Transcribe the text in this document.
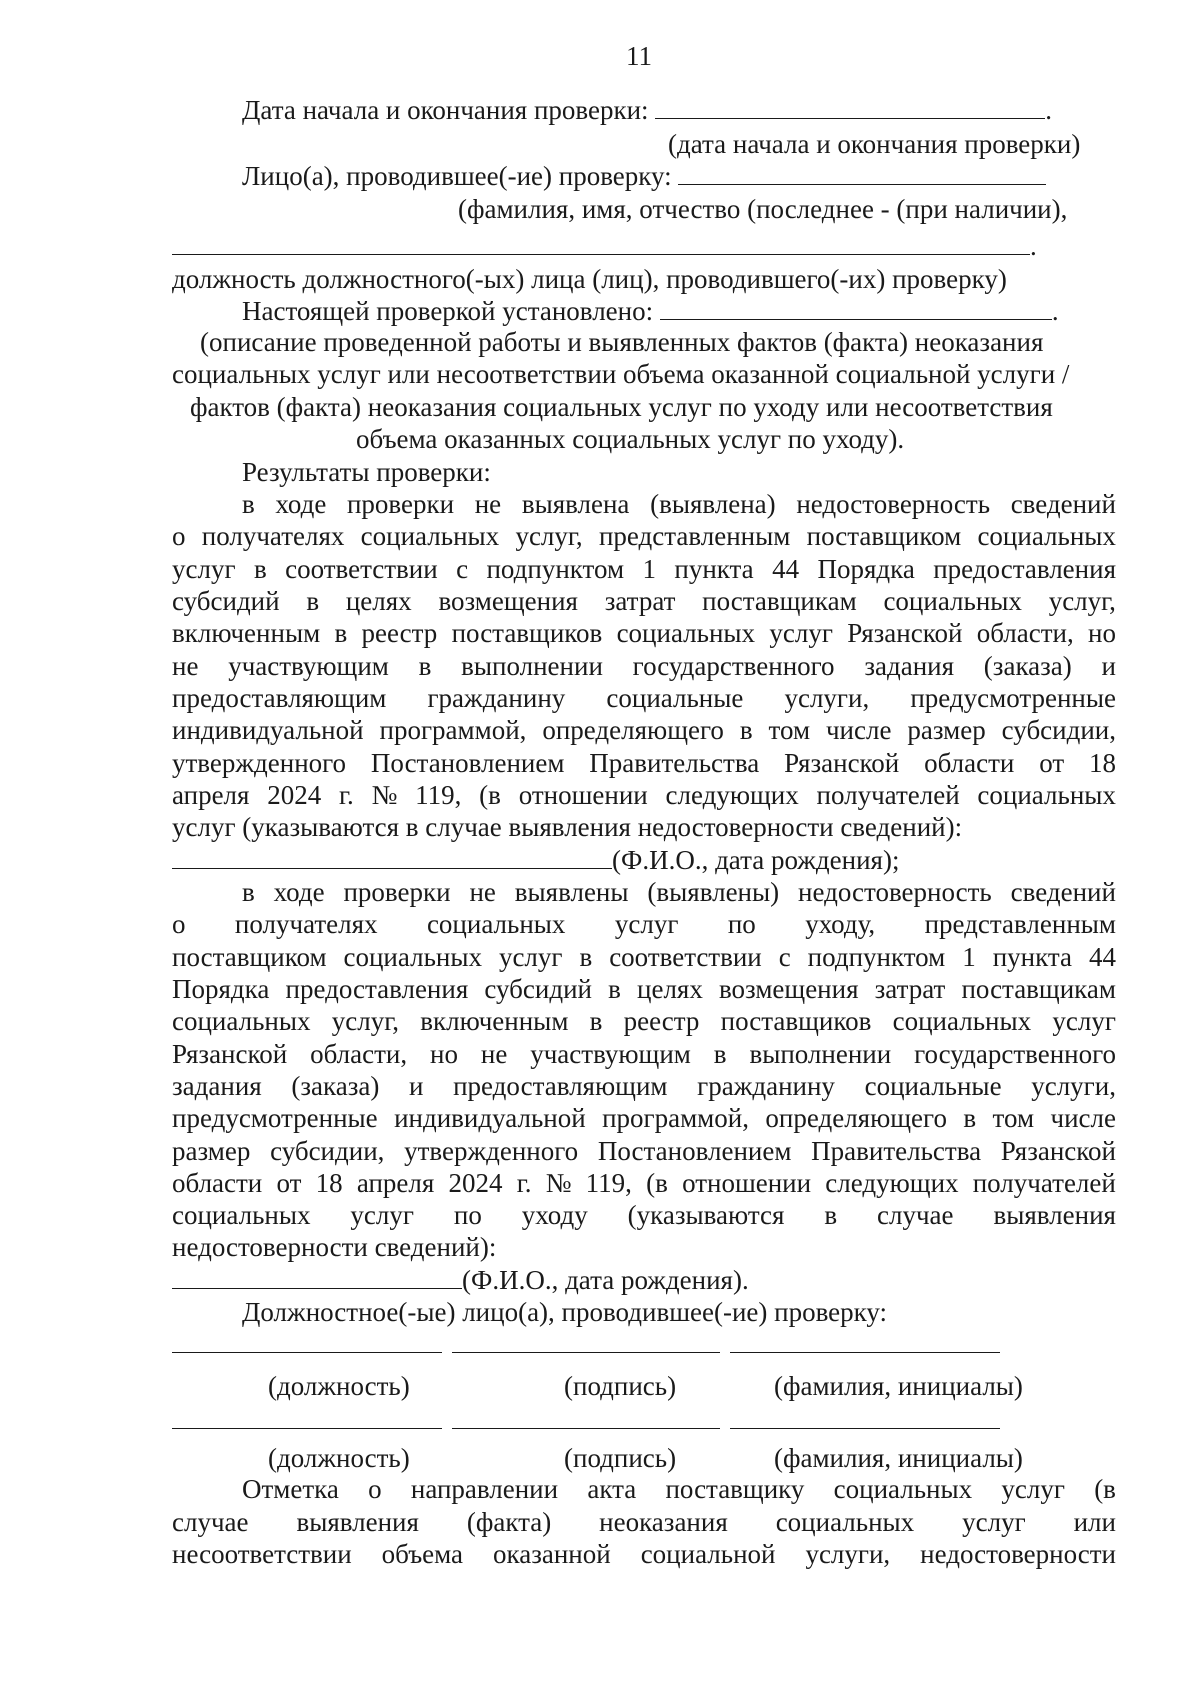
11
Дата начала и окончания проверки:	.
(дата начала и окончания проверки)
Лицо(а), проводившее(-ие) проверку:
(фамилия, имя, отчество (последнее - (при наличии),
.
должность должностного(-ых) лица (лиц), проводившего(-их) проверку)
Настоящей проверкой установлено:	.
(описание проведенной работы и выявленных фактов (факта) неоказания
социальных услуг или несоответствии объема оказанной социальной услуги /
фактов (факта) неоказания социальных услуг по уходу или несоответствия
объема оказанных социальных услуг по уходу).
Результаты проверки:
в ходе проверки не выявлена (выявлена) недостоверность сведений
о получателях социальных услуг, представленным поставщиком социальных
услуг в соответствии с подпунктом 1 пункта 44 Порядка предоставления
субсидий в целях возмещения затрат поставщикам социальных услуг,
включенным в реестр поставщиков социальных услуг Рязанской области, но
не участвующим в выполнении государственного задания (заказа) и
предоставляющим гражданину социальные услуги, предусмотренные
индивидуальной программой, определяющего в том числе размер субсидии,
утвержденного Постановлением Правительства Рязанской области от 18
апреля 2024 г. № 119, (в отношении следующих получателей социальных
услуг (указываются в случае выявления недостоверности сведений):
(Ф.И.О., дата рождения);
в ходе проверки не выявлены (выявлены) недостоверность сведений
о получателях социальных услуг по уходу, представленным
поставщиком социальных услуг в соответствии с подпунктом 1 пункта 44
Порядка предоставления субсидий в целях возмещения затрат поставщикам
социальных услуг, включенным в реестр поставщиков социальных услуг
Рязанской области, но не участвующим в выполнении государственного
задания (заказа) и предоставляющим гражданину социальные услуги,
предусмотренные индивидуальной программой, определяющего в том числе
размер субсидии, утвержденного Постановлением Правительства Рязанской
области от 18 апреля 2024 г. № 119, (в отношении следующих получателей
социальных услуг по уходу (указываются в случае выявления
недостоверности сведений):
(Ф.И.О., дата рождения).
Должностное(-ые) лицо(а), проводившее(-ие) проверку:
(должность)	(подпись)	(фамилия, инициалы)
(должность)	(подпись)	(фамилия, инициалы)
Отметка о направлении акта поставщику социальных услуг (в
случае выявления (факта) неоказания социальных услуг или
несоответствии объема оказанной социальной услуги, недостоверности
